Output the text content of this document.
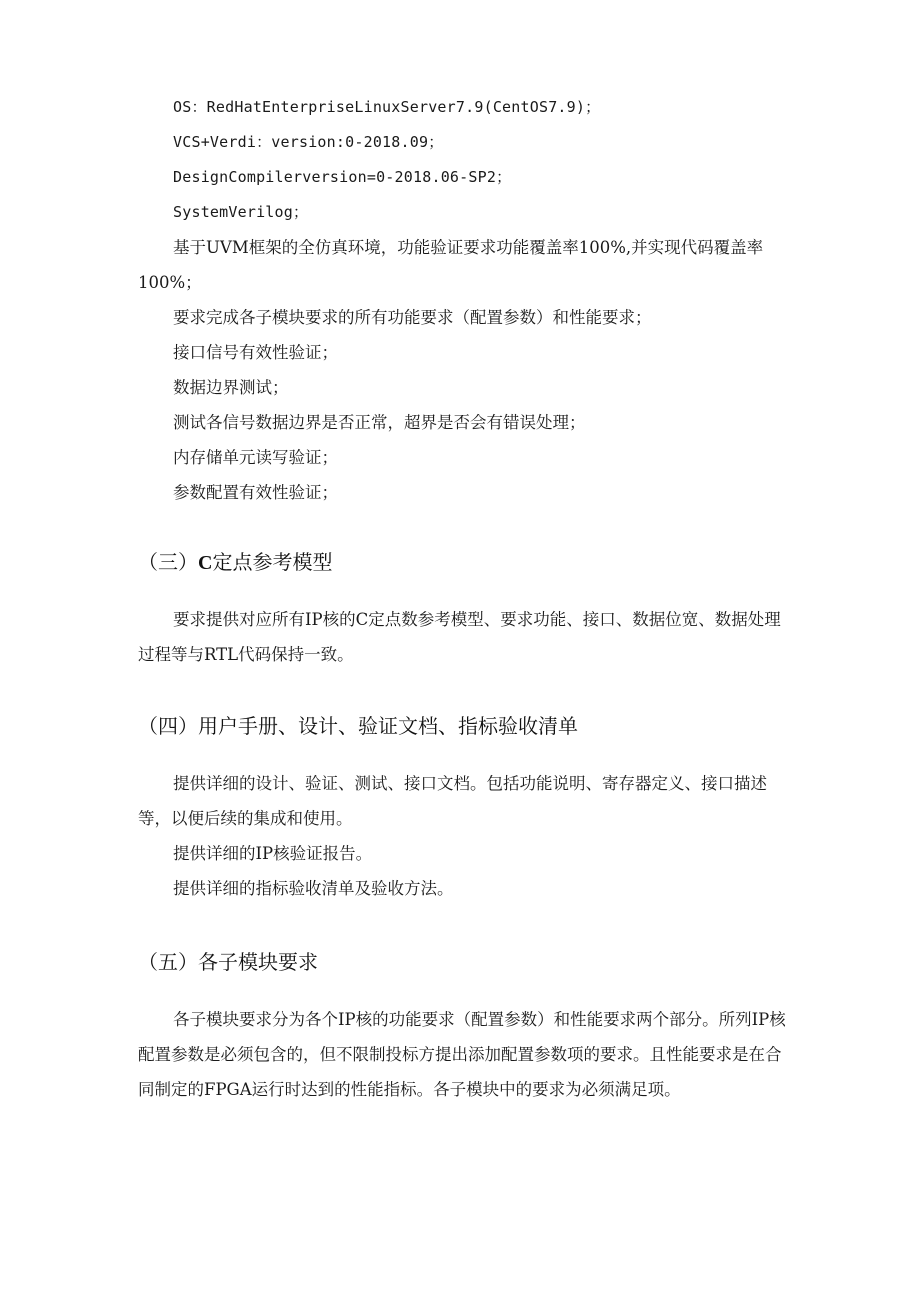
OS：RedHatEnterpriseLinuxServer7.9(CentOS7.9)；
VCS+Verdi：version:0-2018.09；
DesignCompilerversion=0-2018.06-SP2；
SystemVerilog；
基于UVM框架的全仿真环境，功能验证要求功能覆盖率100%,并实现代码覆盖率100%；
要求完成各子模块要求的所有功能要求（配置参数）和性能要求；
接口信号有效性验证；
数据边界测试；
测试各信号数据边界是否正常，超界是否会有错误处理；
内存储单元读写验证；
参数配置有效性验证；
（三）C定点参考模型
要求提供对应所有IP核的C定点数参考模型、要求功能、接口、数据位宽、数据处理过程等与RTL代码保持一致。
（四）用户手册、设计、验证文档、指标验收清单
提供详细的设计、验证、测试、接口文档。包括功能说明、寄存器定义、接口描述等，以便后续的集成和使用。
提供详细的IP核验证报告。
提供详细的指标验收清单及验收方法。
（五）各子模块要求
各子模块要求分为各个IP核的功能要求（配置参数）和性能要求两个部分。所列IP核配置参数是必须包含的，但不限制投标方提出添加配置参数项的要求。且性能要求是在合同制定的FPGA运行时达到的性能指标。各子模块中的要求为必须满足项。
